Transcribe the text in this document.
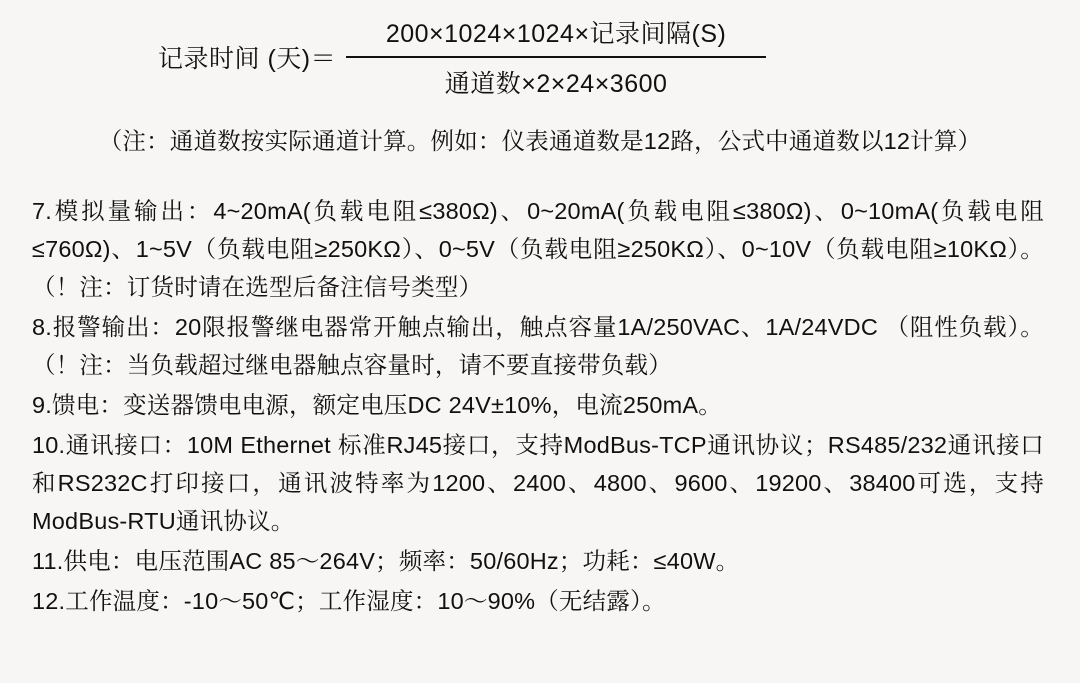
记录时间 (天)＝ $\frac{\text{200×1024×1024×记录间隔(S)}}{\text{通道数×2×24×3600}}$
（注：通道数按实际通道计算。例如：仪表通道数是12路，公式中通道数以12计算）

7.模拟量输出：4~20mA(负载电阻≤380Ω)、0~20mA(负载电阻≤380Ω)、0~10mA(负载电阻≤760Ω)、1~5V（负载电阻≥250KΩ）、0~5V（负载电阻≥250KΩ）、0~10V（负载电阻≥10KΩ）。（！注：订货时请在选型后备注信号类型）

8.报警输出：20限报警继电器常开触点输出，触点容量1A/250VAC、1A/24VDC （阻性负载）。（！注：当负载超过继电器触点容量时，请不要直接带负载）

9.馈电：变送器馈电电源，额定电压DC 24V±10%，电流250mA。

10.通讯接口：10M Ethernet 标准RJ45接口，支持ModBus-TCP通讯协议；RS485/232通讯接口和RS232C打印接口，通讯波特率为1200、2400、4800、9600、19200、38400可选，支持ModBus-RTU通讯协议。

11.供电：电压范围AC 85～264V；频率：50/60Hz；功耗：≤40W。

12.工作温度：-10～50℃；工作湿度：10～90%（无结露）。
